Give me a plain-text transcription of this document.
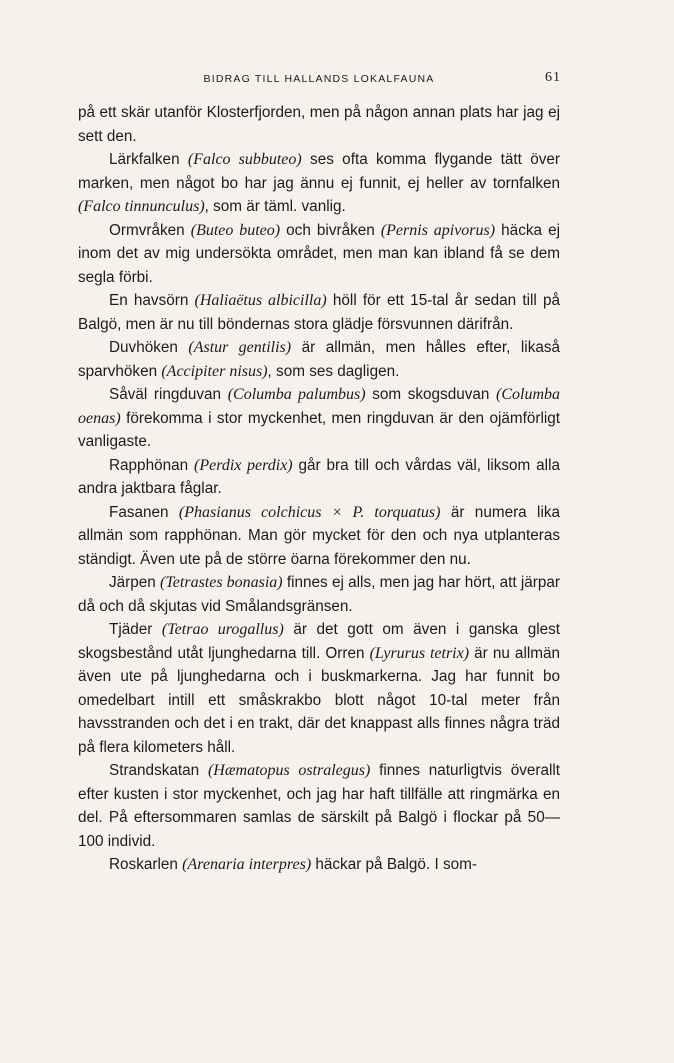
BIDRAG TILL HALLANDS LOKALFAUNA	61

på ett skär utanför Klosterfjorden, men på någon annan plats har jag ej sett den.

Lärkfalken (Falco subbuteo) ses ofta komma flygande tätt över marken, men något bo har jag ännu ej funnit, ej heller av tornfalken (Falco tinnunculus), som är täml. vanlig.

Ormvråken (Buteo buteo) och bivråken (Pernis apivorus) häcka ej inom det av mig undersökta området, men man kan ibland få se dem segla förbi.

En havsörn (Haliaëtus albicilla) höll för ett 15-tal år sedan till på Balgö, men är nu till böndernas stora glädje försvunnen därifrån.

Duvhöken (Astur gentilis) är allmän, men hålles efter, likaså sparvhöken (Accipiter nisus), som ses dagligen.

Såväl ringduvan (Columba palumbus) som skogsduvan (Columba oenas) förekomma i stor myckenhet, men ringduvan är den ojämförligt vanligaste.

Rapphönan (Perdix perdix) går bra till och vårdas väl, liksom alla andra jaktbara fåglar.

Fasanen (Phasianus colchicus × P. torquatus) är numera lika allmän som rapphönan. Man gör mycket för den och nya utplanteras ständigt. Även ute på de större öarna förekommer den nu.

Järpen (Tetrastes bonasia) finnes ej alls, men jag har hört, att järpar då och då skjutas vid Smålandsgränsen.

Tjäder (Tetrao urogallus) är det gott om även i ganska glest skogsbestånd utåt ljunghedarna till. Orren (Lyrurus tetrix) är nu allmän även ute på ljunghedarna och i buskmarkerna. Jag har funnit bo omedelbart intill ett småskrakbo blott något 10-tal meter från havsstranden och det i en trakt, där det knappast alls finnes några träd på flera kilometers håll.

Strandskatan (Hæmatopus ostralegus) finnes naturligtvis överallt efter kusten i stor myckenhet, och jag har haft tillfälle att ringmärka en del. På eftersommaren samlas de särskilt på Balgö i flockar på 50—100 individ.

Roskarlen (Arenaria interpres) häckar på Balgö. I som-
